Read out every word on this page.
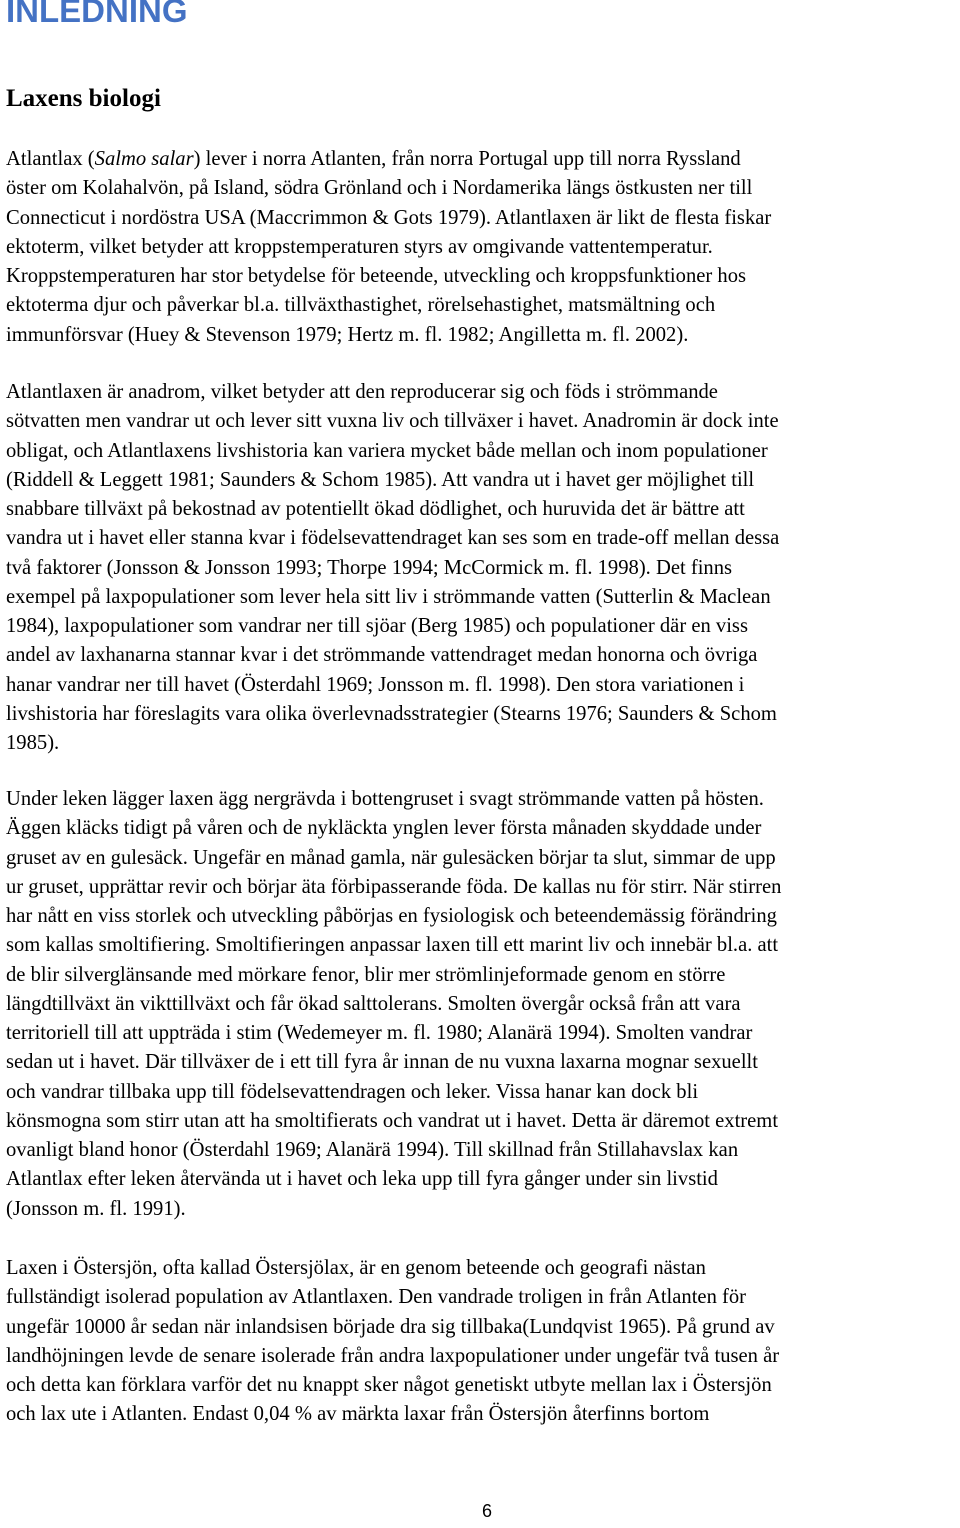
INLEDNING
Laxens biologi

Atlantlax (Salmo salar) lever i norra Atlanten, från norra Portugal upp till norra Ryssland

öster om Kolahalvön, på Island, södra Grönland och i Nordamerika längs östkusten ner till

Connecticut i nordöstra USA (Maccrimmon & Gots 1979). Atlantlaxen är likt de flesta fiskar

ektoterm, vilket betyder att kroppstemperaturen styrs av omgivande vattentemperatur.

Kroppstemperaturen har stor betydelse för beteende, utveckling och kroppsfunktioner hos

ektoterma djur och påverkar bl.a. tillväxthastighet, rörelsehastighet, matsmältning och

immunförsvar (Huey & Stevenson 1979; Hertz m. fl. 1982; Angilletta m. fl. 2002).

Atlantlaxen är anadrom, vilket betyder att den reproducerar sig och föds i strömmande

sötvatten men vandrar ut och lever sitt vuxna liv och tillväxer i havet. Anadromin är dock inte

obligat, och Atlantlaxens livshistoria kan variera mycket både mellan och inom populationer

(Riddell & Leggett 1981; Saunders & Schom 1985). Att vandra ut i havet ger möjlighet till

snabbare tillväxt på bekostnad av potentiellt ökad dödlighet, och huruvida det är bättre att

vandra ut i havet eller stanna kvar i födelsevattendraget kan ses som en trade-off mellan dessa

två faktorer (Jonsson & Jonsson 1993; Thorpe 1994; McCormick m. fl. 1998). Det finns

exempel på laxpopulationer som lever hela sitt liv i strömmande vatten (Sutterlin & Maclean

1984), laxpopulationer som vandrar ner till sjöar (Berg 1985) och populationer där en viss

andel av laxhanarna stannar kvar i det strömmande vattendraget medan honorna och övriga

hanar vandrar ner till havet (Österdahl 1969; Jonsson m. fl. 1998). Den stora variationen i

livshistoria har föreslagits vara olika överlevnadsstrategier (Stearns 1976; Saunders & Schom

1985).

Under leken lägger laxen ägg nergrävda i bottengruset i svagt strömmande vatten på hösten.

Äggen kläcks tidigt på våren och de nykläckta ynglen lever första månaden skyddade under

gruset av en gulesäck. Ungefär en månad gamla, när gulesäcken börjar ta slut, simmar de upp

ur gruset, upprättar revir och börjar äta förbipasserande föda. De kallas nu för stirr. När stirren

har nått en viss storlek och utveckling påbörjas en fysiologisk och beteendemässig förändring

som kallas smoltifiering. Smoltifieringen anpassar laxen till ett marint liv och innebär bl.a. att

de blir silverglänsande med mörkare fenor, blir mer strömlinjeformade genom en större

längdtillväxt än vikttillväxt och får ökad salttolerans. Smolten övergår också från att vara

territoriell till att uppträda i stim (Wedemeyer m. fl. 1980; Alanärä 1994). Smolten vandrar

sedan ut i havet. Där tillväxer de i ett till fyra år innan de nu vuxna laxarna mognar sexuellt

och vandrar tillbaka upp till födelsevattendragen och leker. Vissa hanar kan dock bli

könsmogna som stirr utan att ha smoltifierats och vandrat ut i havet. Detta är däremot extremt

ovanligt bland honor (Österdahl 1969; Alanärä 1994). Till skillnad från Stillahavslax kan

Atlantlax efter leken återvända ut i havet och leka upp till fyra gånger under sin livstid

(Jonsson m. fl. 1991).

Laxen i Östersjön, ofta kallad Östersjölax, är en genom beteende och geografi nästan

fullständigt isolerad population av Atlantlaxen. Den vandrade troligen in från Atlanten för

ungefär 10000 år sedan när inlandsisen började dra sig tillbaka(Lundqvist 1965). På grund av

landhöjningen levde de senare isolerade från andra laxpopulationer under ungefär två tusen år

och detta kan förklara varför det nu knappt sker något genetiskt utbyte mellan lax i Östersjön

och lax ute i Atlanten. Endast 0,04 % av märkta laxar från Östersjön återfinns bortom

6
